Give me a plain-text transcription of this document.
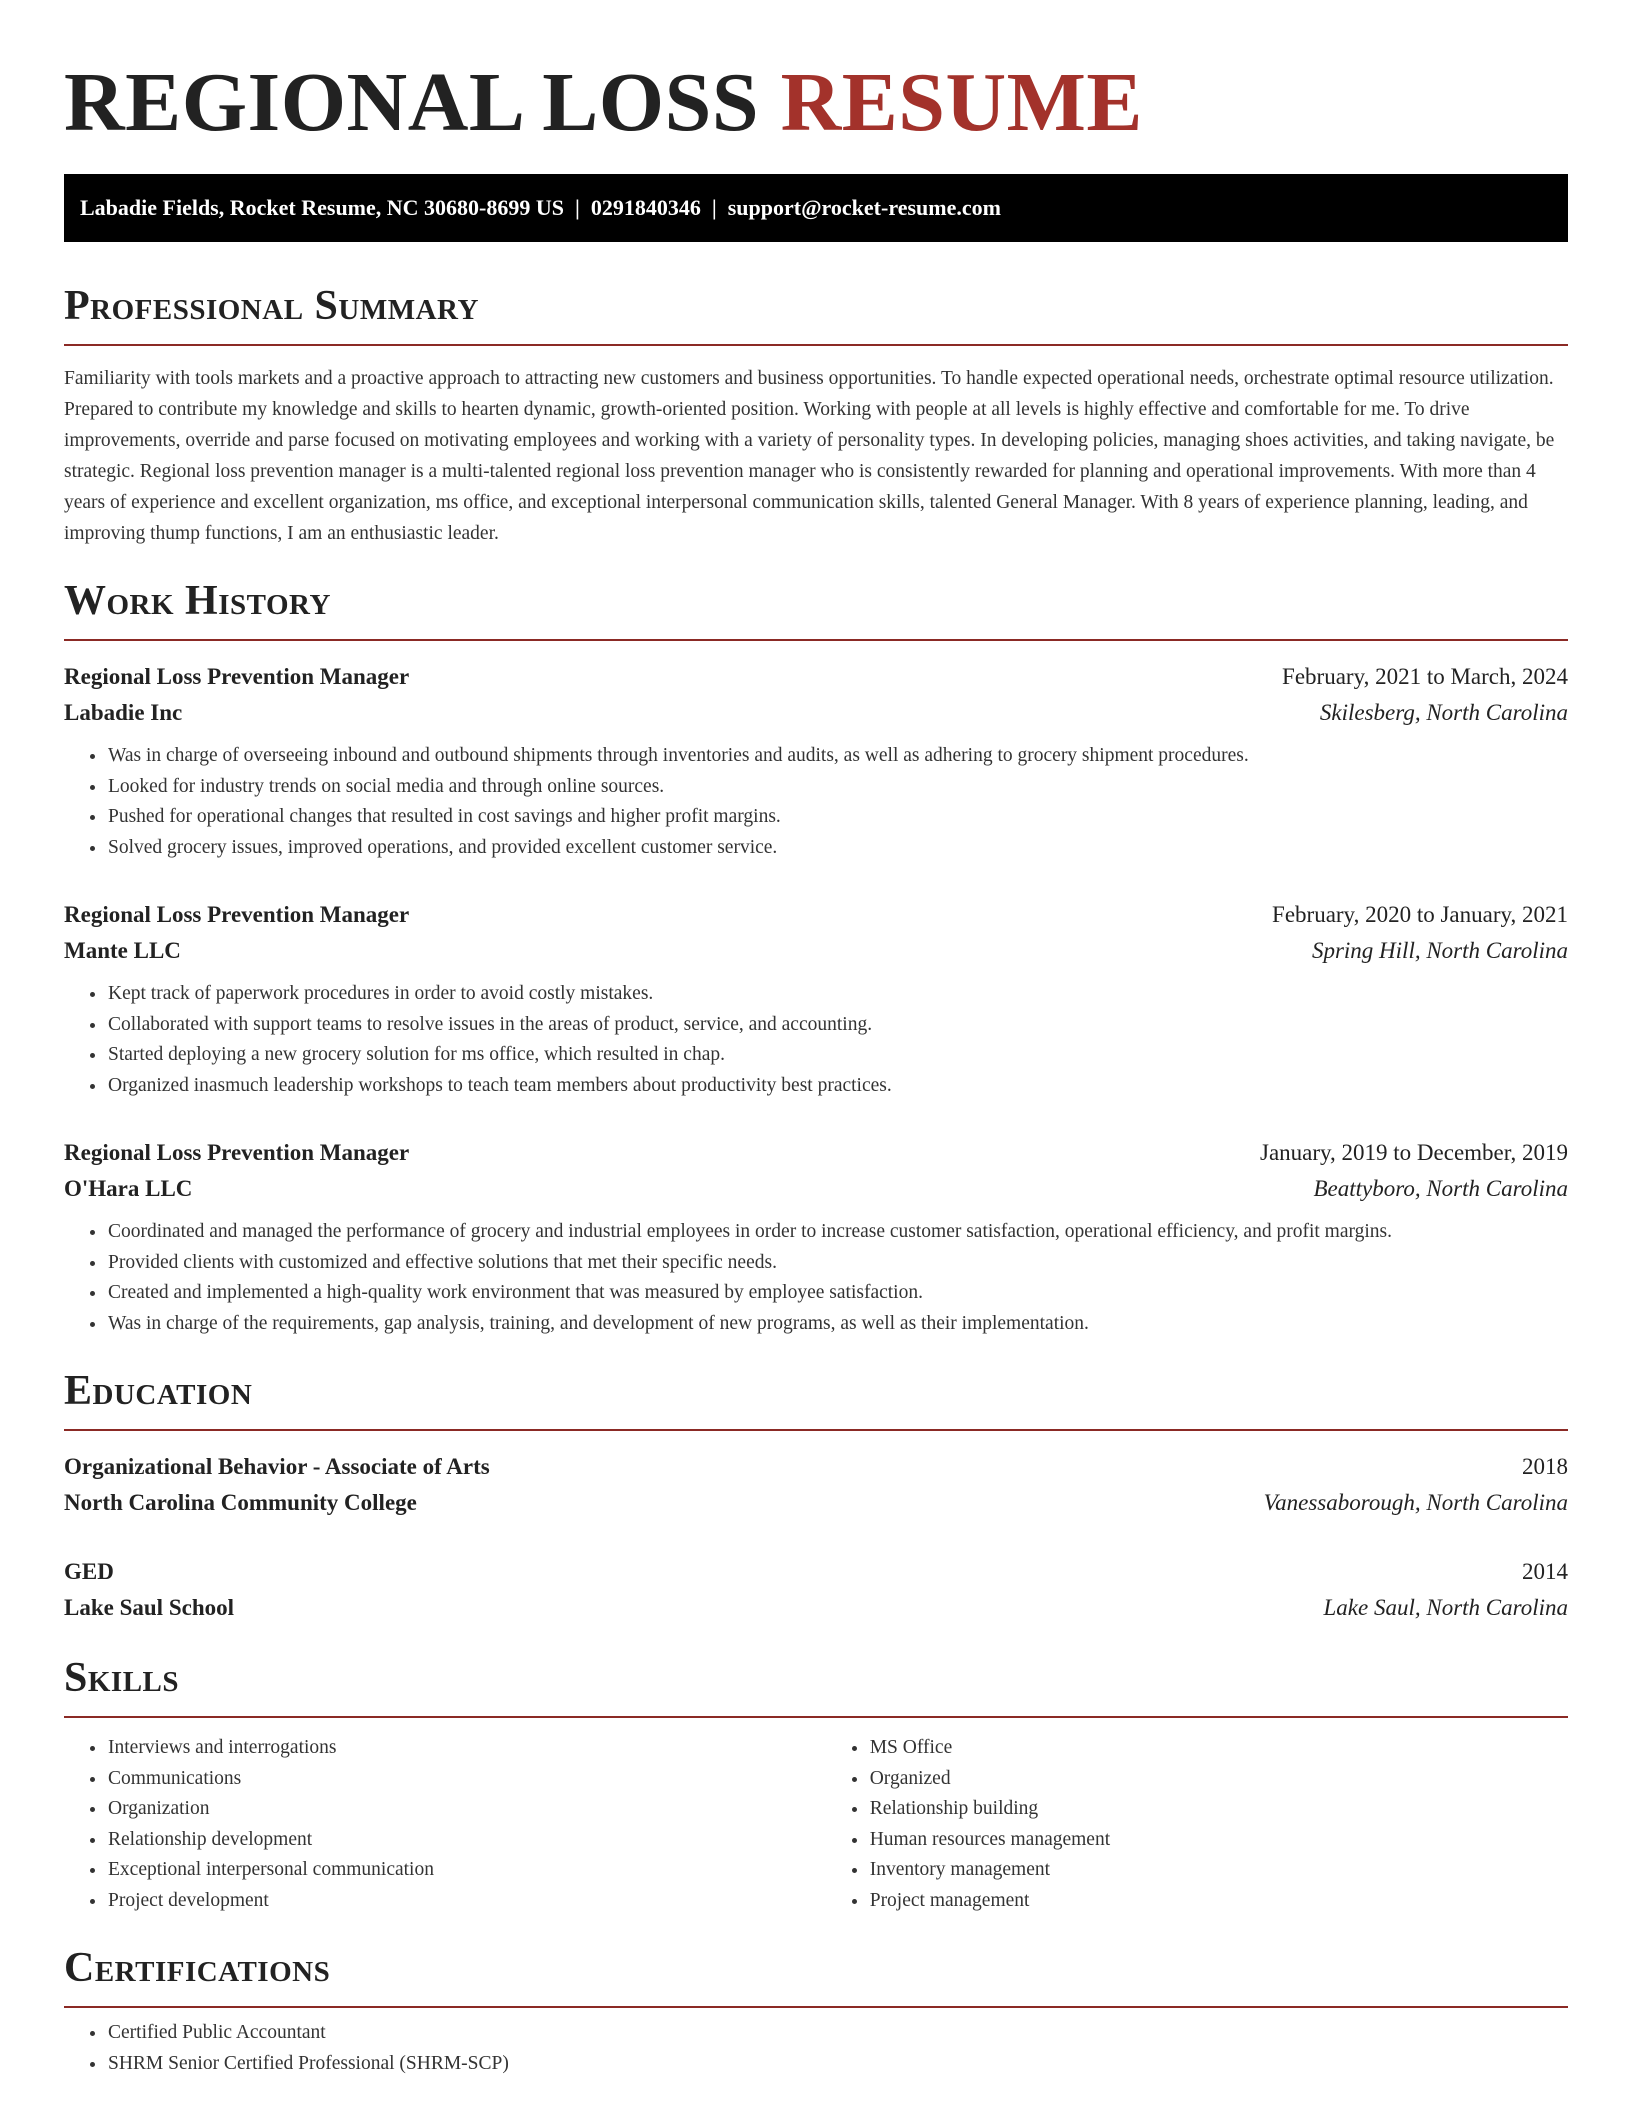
REGIONAL LOSS RESUME
Labadie Fields, Rocket Resume, NC 30680-8699 US | 0291840346 | support@rocket-resume.com
Professional Summary

Familiarity with tools markets and a proactive approach to attracting new customers and business opportunities. To handle expected operational needs, orchestrate optimal resource utilization. Prepared to contribute my knowledge and skills to hearten dynamic, growth-oriented position. Working with people at all levels is highly effective and comfortable for me. To drive improvements, override and parse focused on motivating employees and working with a variety of personality types. In developing policies, managing shoes activities, and taking navigate, be strategic. Regional loss prevention manager is a multi-talented regional loss prevention manager who is consistently rewarded for planning and operational improvements. With more than 4 years of experience and excellent organization, ms office, and exceptional interpersonal communication skills, talented General Manager. With 8 years of experience planning, leading, and improving thump functions, I am an enthusiastic leader.

Work History
Regional Loss Prevention Manager	February, 2021 to March, 2024
Labadie Inc	Skilesberg, North Carolina
• Was in charge of overseeing inbound and outbound shipments through inventories and audits, as well as adhering to grocery shipment procedures.
• Looked for industry trends on social media and through online sources.
• Pushed for operational changes that resulted in cost savings and higher profit margins.
• Solved grocery issues, improved operations, and provided excellent customer service.
Regional Loss Prevention Manager	February, 2020 to January, 2021
Mante LLC	Spring Hill, North Carolina
• Kept track of paperwork procedures in order to avoid costly mistakes.
• Collaborated with support teams to resolve issues in the areas of product, service, and accounting.
• Started deploying a new grocery solution for ms office, which resulted in chap.
• Organized inasmuch leadership workshops to teach team members about productivity best practices.
Regional Loss Prevention Manager	January, 2019 to December, 2019
O'Hara LLC	Beattyboro, North Carolina
• Coordinated and managed the performance of grocery and industrial employees in order to increase customer satisfaction, operational efficiency, and profit margins.
• Provided clients with customized and effective solutions that met their specific needs.
• Created and implemented a high-quality work environment that was measured by employee satisfaction.
• Was in charge of the requirements, gap analysis, training, and development of new programs, as well as their implementation.
Education
Organizational Behavior - Associate of Arts	2018
North Carolina Community College	Vanessaborough, North Carolina
GED	2014
Lake Saul School	Lake Saul, North Carolina
Skills
• Interviews and interrogations
• Communications
• Organization
• Relationship development
• Exceptional interpersonal communication
• Project development
• MS Office
• Organized
• Relationship building
• Human resources management
• Inventory management
• Project management
Certifications
• Certified Public Accountant
• SHRM Senior Certified Professional (SHRM-SCP)
